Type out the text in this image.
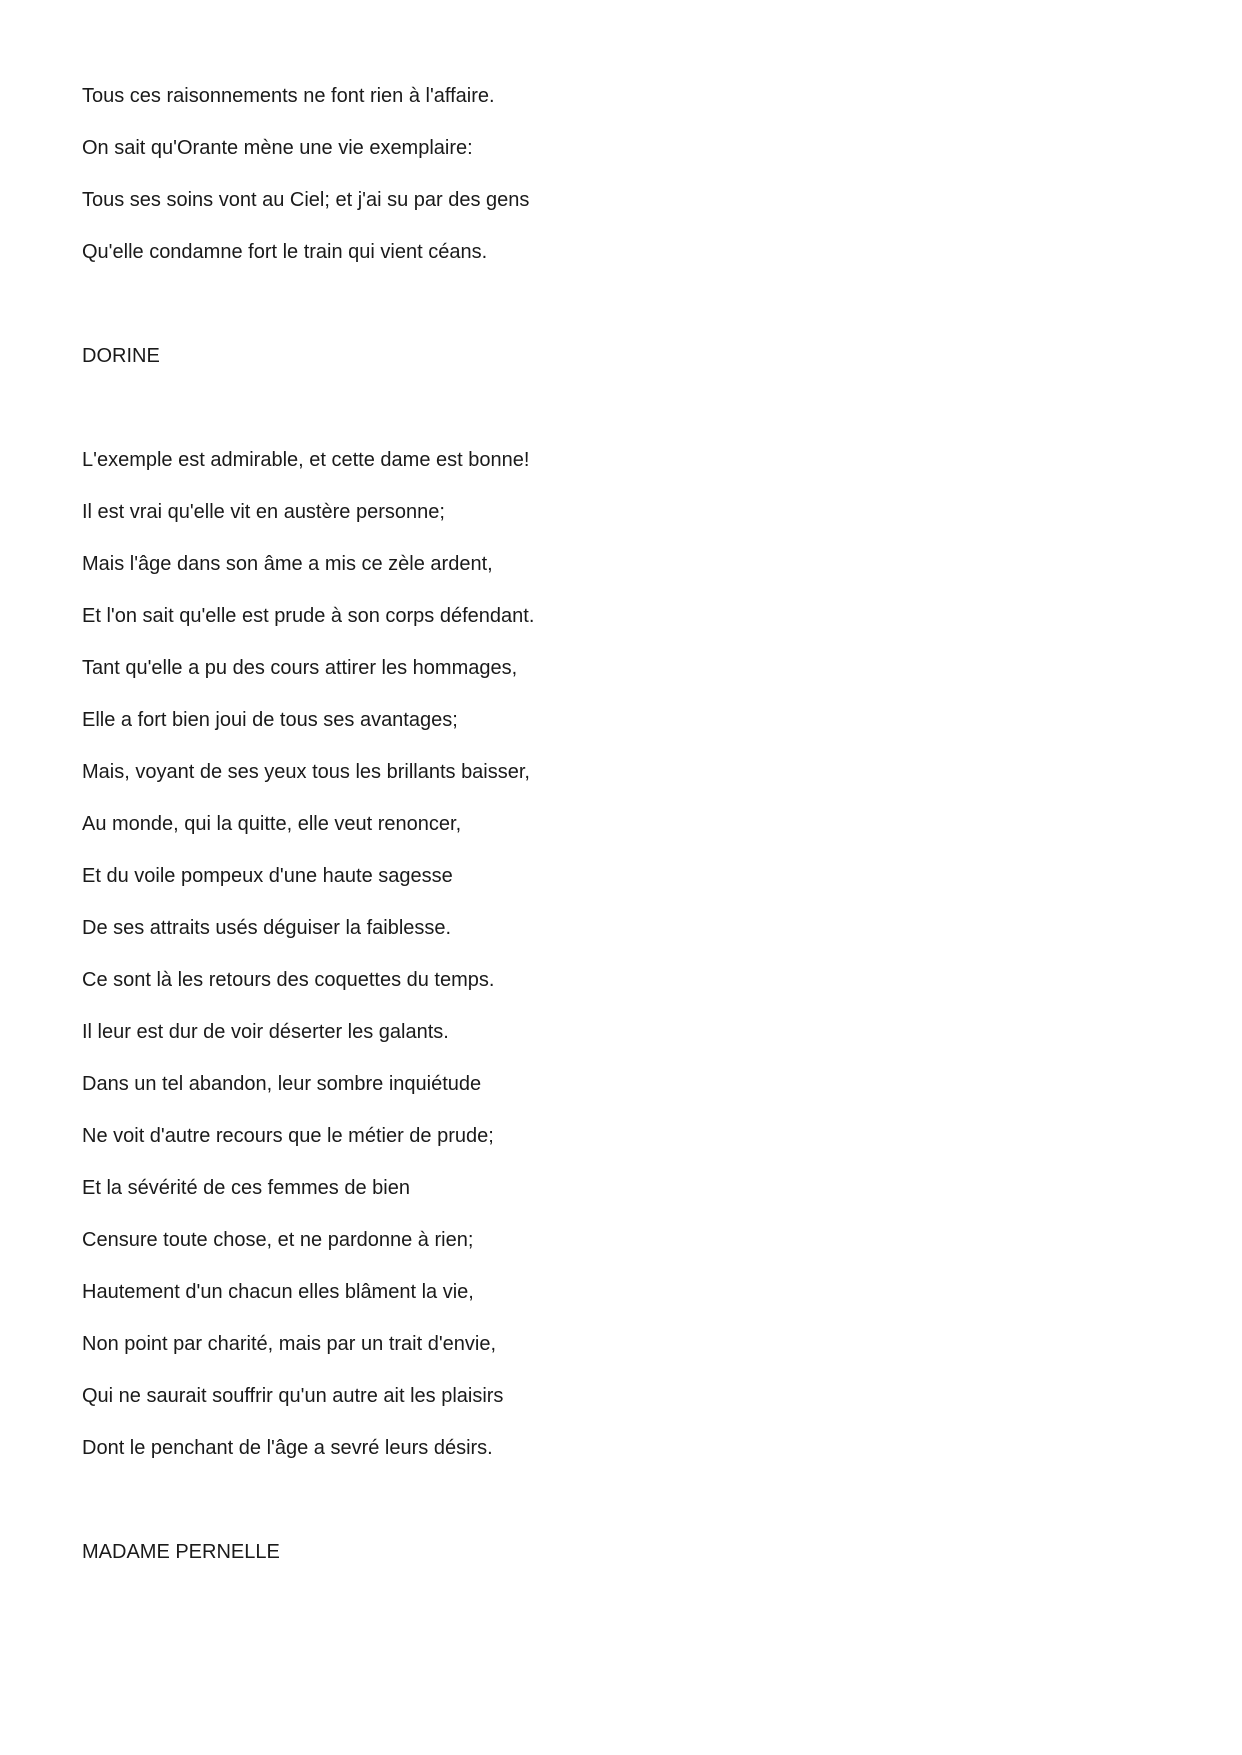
Tous ces raisonnements ne font rien à l'affaire.
On sait qu'Orante mène une vie exemplaire:
Tous ses soins vont au Ciel; et j'ai su par des gens
Qu'elle condamne fort le train qui vient céans.
DORINE
L'exemple est admirable, et cette dame est bonne!
Il est vrai qu'elle vit en austère personne;
Mais l'âge dans son âme a mis ce zèle ardent,
Et l'on sait qu'elle est prude à son corps défendant.
Tant qu'elle a pu des cours attirer les hommages,
Elle a fort bien joui de tous ses avantages;
Mais, voyant de ses yeux tous les brillants baisser,
Au monde, qui la quitte, elle veut renoncer,
Et du voile pompeux d'une haute sagesse
De ses attraits usés déguiser la faiblesse.
Ce sont là les retours des coquettes du temps.
Il leur est dur de voir déserter les galants.
Dans un tel abandon, leur sombre inquiétude
Ne voit d'autre recours que le métier de prude;
Et la sévérité de ces femmes de bien
Censure toute chose, et ne pardonne à rien;
Hautement d'un chacun elles blâment la vie,
Non point par charité, mais par un trait d'envie,
Qui ne saurait souffrir qu'un autre ait les plaisirs
Dont le penchant de l'âge a sevré leurs désirs.
MADAME PERNELLE
